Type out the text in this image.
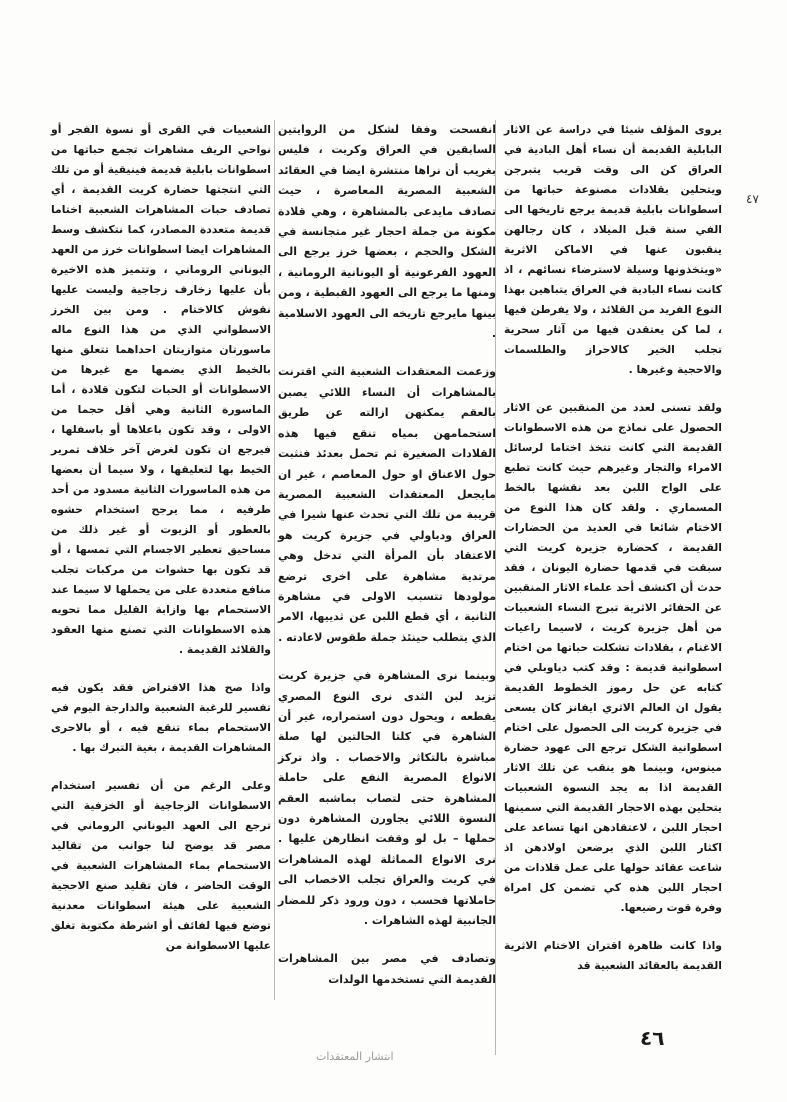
٤٧

يروى المؤلف شيئا في دراسة عن الاثار البابلية القديمة أن نساء أهل البادية في العراق كن الى وقت قريب يتبرجن ويتحلين بقلادات مصنوعة حباتها من اسطوانات بابلية قديمة يرجع تاريخها الى الفي سنة قبل الميلاد ، كان رجالهن ينقبون عنها في الاماكن الاثرية «ويتخذونها وسيلة لاسترضاء نسائهم ، اذ كانت نساء البادية في العراق يتباهين بهذا النوع الفريد من القلائد ، ولا يفرطن فيها ، لما كن يعتقدن فيها من آثار سحرية تجلب الخير كالاحراز والطلسمات والاحجية وغيرها .

ولقد تسنى لعدد من المنقبين عن الاثار الحصول على نماذج من هذه الاسطوانات القديمة التي كانت تتخذ اختاما لرسائل الامراء والتجار وغيرهم حيث كانت تطبع على الواح اللبن بعد نقشها بالخط المسماري . ولقد كان هذا النوع من الاختام شائعا في العديد من الحضارات القديمة ، كحضارة جزيرة كريت التي سبقت في قدمها حضارة اليونان ، فقد حدث أن اكتشف أحد علماء الاثار المنقبين عن الحفائر الاثرية تبرج النساء الشعبيات من أهل جزيرة كريت ، لاسيما راعيات الاغنام ، بقلادات تشكلت حباتها من اختام اسطوانية قديمة : وقد كتب دياوبلي في كتابه عن حل رموز الخطوط القديمة يقول ان العالم الاثري ايفانز كان يسعى في جزيرة كريت الى الحصول على اختام اسطوانية الشكل ترجع الى عهود حضارة مينوس، وبينما هو ينقب عن تلك الاثار القديمة اذا به يجد النسوة الشعبيات يتحلين بهذه الاحجار القديمة التي سمينها احجار اللبن ، لاعتقادهن انها تساعد على اكثار اللبن الذي يرضعن اولادهن اذ شاعت عقائد حولها على عمل قلادات من احجار اللبن هذه كي تضمن كل امراة وفرة قوت رضيعها.

واذا كانت ظاهرة اقتران الاختام الاثرية القديمة بالعقائد الشعبية قد

انفسحت وفقا لشكل من الروايتين السابقين في العراق وكريت ، فليس بغريب أن نراها منتشرة ايضا في العقائد الشعبية المصرية المعاصرة ، حيث تصادف مايدعى بالمشاهرة ، وهي قلادة مكونة من جملة احجار غير متجانسة في الشكل والحجم ، بعضها خرز يرجع الى العهود الفرعونية أو اليونانية الرومانية ، ومنها ما يرجع الى العهود القبطية ، ومن بينها مايرجع تاريخه الى العهود الاسلامية .

وزعمت المعتقدات الشعبية التي اقترنت بالمشاهرات أن النساء اللائي يصبن بالعقم يمكنهن ازالته عن طريق استحمامهن بمياه تنقع فيها هذه القلادات الصغيرة ثم تحمل بعدئذ فتثبت حول الاعناق او حول المعاصم ، غير ان مايجعل المعتقدات الشعبية المصرية قريبة من تلك التي تحدث عنها شيرا في العراق ودياولي في جزيرة كريت هو الاعتقاد بأن المرأة التي تدخل وهي مرتدية مشاهرة على اخرى ترضع مولودها تتسبب الاولى في مشاهرة الثانية ، أي قطع اللبن عن ثدييها، الامر الذي يتطلب حينئذ جملة طقوس لاعادته .

وبينما نرى المشاهرة في جزيرة كريت تزيد لبن الثدى نرى النوع المصري يقطعه ، ويحول دون استمراره، غير أن الشاهرة في كلتا الحالتين لها صلة مباشرة بالتكاثر والاخصاب . واذ تركز الانواع المصرية النفع على حاملة المشاهرة حتى لتصاب بماشبه العقم النسوة اللائي يجاورن المشاهرة دون حملها – بل لو وقفت انظارهن عليها . نرى الانواع المماثلة لهذه المشاهرات في كريت والعراق تجلب الاخصاب الى حاملاتها فحسب ، دون ورود ذكر للمضار الجانبية لهذه الشاهرات .

وتصادف في مصر بين المشاهرات القديمة التي تستخدمها الولدات

الشعبيات في القرى أو نسوة الفجر أو نواحي الريف مشاهرات تجمع حباتها من اسطوانات بابلية قديمة فينيقية أو من تلك التي انتجتها حضارة كريت القديمة ، أي تصادف حبات المشاهرات الشعبية اختاما قديمة متعددة المصادر، كما نتكشف وسط المشاهرات ايضا اسطوانات خرز من العهد اليوناني الروماني ، وتتميز هذه الاخيرة بأن عليها زخارف زجاجية وليست عليها نقوش كالاختام . ومن بين الخرز الاسطواني الذي من هذا النوع ماله ماسورتان متوازيتان احداهما تتعلق منها بالخيط الذي يضمها مع غيرها من الاسطوانات أو الحبات لتكون قلادة ، أما الماسورة الثانية وهي أقل حجما من الاولى ، وقد تكون باعلاها أو باسفلها ، فيرجع ان تكون لغرض آخر خلاف تمرير الخيط بها لتعليقها ، ولا سيما أن بعضها من هذه الماسورات الثانية مسدود من أحد طرفيه ، مما يرجح استخدام حشوه بالعطور أو الزيوت أو غير ذلك من مساحيق تعطير الاجسام التي تمسها ، أو قد تكون بها حشوات من مركبات تجلب منافع متعددة على من يحملها لا سيما عند الاستحمام بها وازابة القليل مما تحويه هذه الاسطوانات التي تصنع منها العقود والقلائد القديمة .

واذا صح هذا الافتراض فقد يكون فيه تفسير للرغبة الشعبية والدارجة اليوم في الاستحمام بماء تنقع فيه ، أو بالاحرى المشاهرات القديمة ، بغية التبرك بها .

وعلى الرغم من أن تفسير استخدام الاسطوانات الزجاجية أو الخزفية التي ترجع الى العهد اليوناني الروماني في مصر قد يوضح لنا جوانب من تقاليد الاستحمام بماء المشاهرات الشعبية في الوقت الحاضر ، فان تقليد صنع الاحجية الشعبية على هيئة اسطوانات معدنية توضع فيها لفائف أو اشرطة مكتوبة تغلق عليها الاسطوانة من

انتشار المعتقدات
٤٦
